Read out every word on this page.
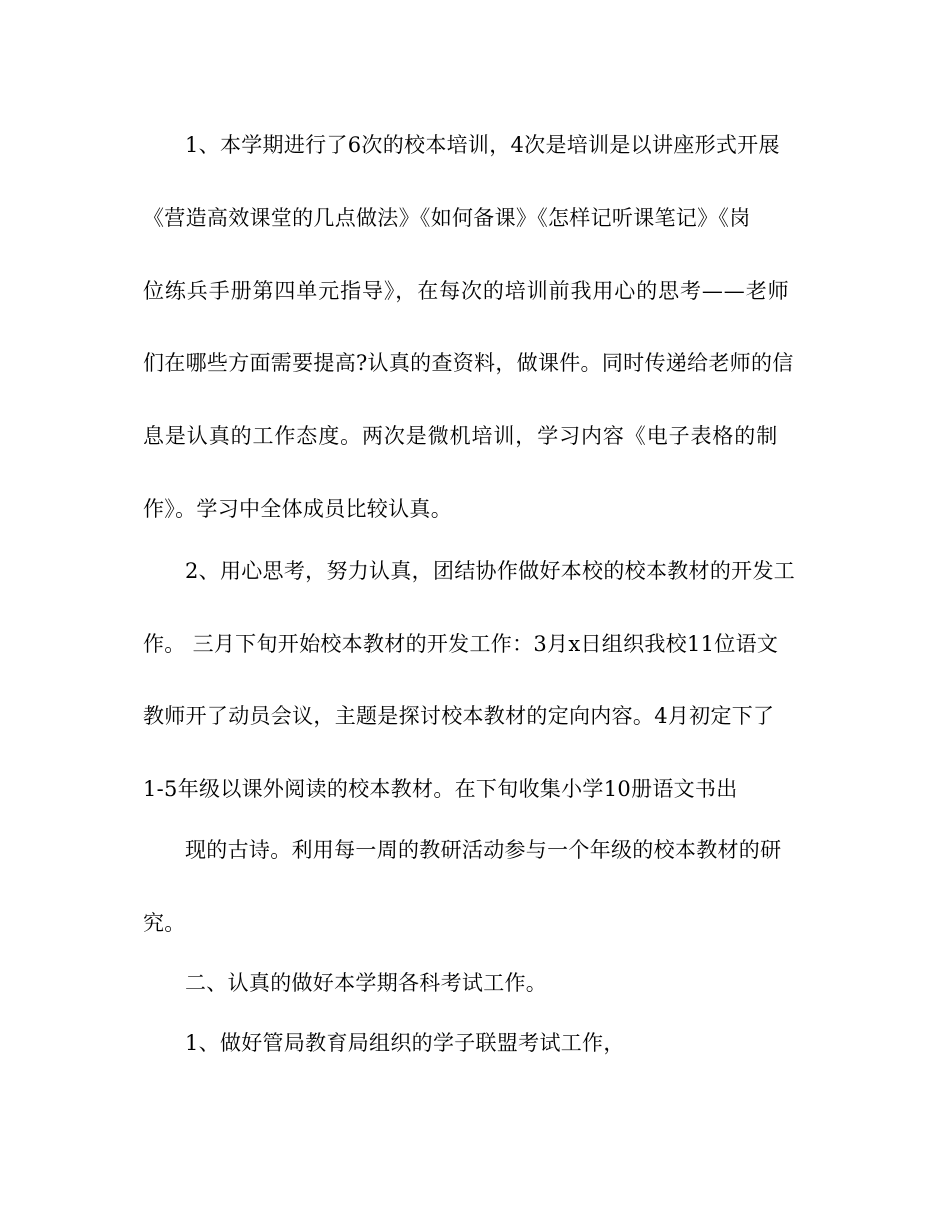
1、本学期进行了6次的校本培训，4次是培训是以讲座形式开展
《营造高效课堂的几点做法》《如何备课》《怎样记听课笔记》《岗
位练兵手册第四单元指导》，在每次的培训前我用心的思考——老师
们在哪些方面需要提高?认真的查资料，做课件。同时传递给老师的信
息是认真的工作态度。两次是微机培训，学习内容《电子表格的制
作》。学习中全体成员比较认真。
2、用心思考，努力认真，团结协作做好本校的校本教材的开发工
作。 三月下旬开始校本教材的开发工作：3月x日组织我校11位语文
教师开了动员会议，主题是探讨校本教材的定向内容。4月初定下了
1-5年级以课外阅读的校本教材。在下旬收集小学10册语文书出
现的古诗。利用每一周的教研活动参与一个年级的校本教材的研
究。
二、认真的做好本学期各科考试工作。
1、做好管局教育局组织的学子联盟考试工作，
